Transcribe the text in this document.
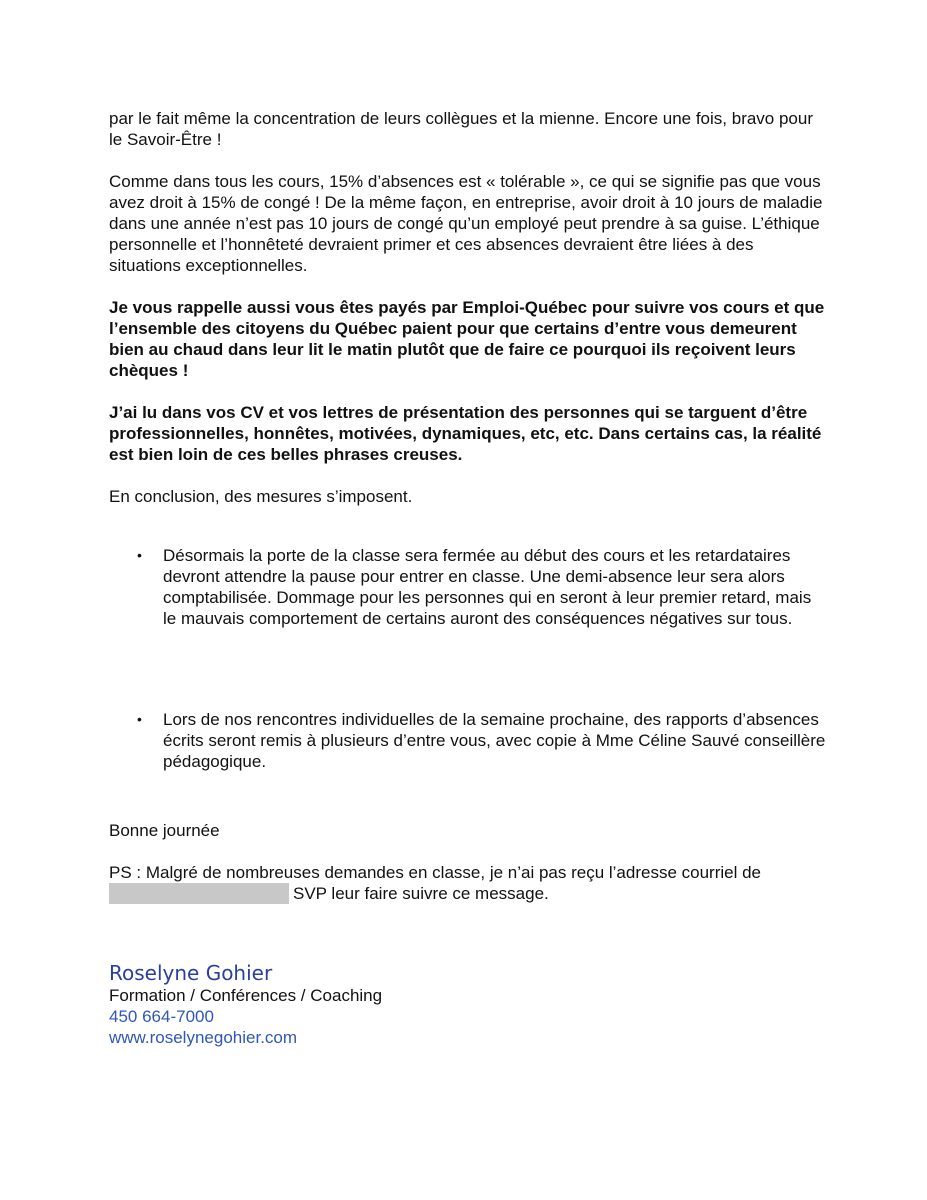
par le fait même la concentration de leurs collègues et la mienne. Encore une fois, bravo pour le Savoir-Être !

Comme dans tous les cours, 15% d’absences est « tolérable », ce qui se signifie pas que vous avez droit à 15% de congé ! De la même façon, en entreprise, avoir droit à 10 jours de maladie dans une année n’est pas 10 jours de congé qu’un employé peut prendre à sa guise. L’éthique personnelle et l’honnêteté devraient primer et ces absences devraient être liées à des situations exceptionnelles.

Je vous rappelle aussi vous êtes payés par Emploi-Québec pour suivre vos cours et que l’ensemble des citoyens du Québec paient pour que certains d’entre vous demeurent bien au chaud dans leur lit le matin plutôt que de faire ce pourquoi ils reçoivent leurs chèques !

J’ai lu dans vos CV et vos lettres de présentation des personnes qui se targuent d’être professionnelles, honnêtes, motivées, dynamiques, etc, etc. Dans certains cas, la réalité est bien loin de ces belles phrases creuses.

En conclusion, des mesures s’imposent.

• Désormais la porte de la classe sera fermée au début des cours et les retardataires devront attendre la pause pour entrer en classe. Une demi-absence leur sera alors comptabilisée. Dommage pour les personnes qui en seront à leur premier retard, mais le mauvais comportement de certains auront des conséquences négatives sur tous.
• Lors de nos rencontres individuelles de la semaine prochaine, des rapports d’absences écrits seront remis à plusieurs d’entre vous, avec copie à Mme Céline Sauvé conseillère pédagogique.

Bonne journée

PS : Malgré de nombreuses demandes en classe, je n’ai pas reçu l’adresse courriel de
SVP leur faire suivre ce message.
Roselyne Gohier
Formation / Conférences / Coaching
450 664-7000
www.roselynegohier.com
